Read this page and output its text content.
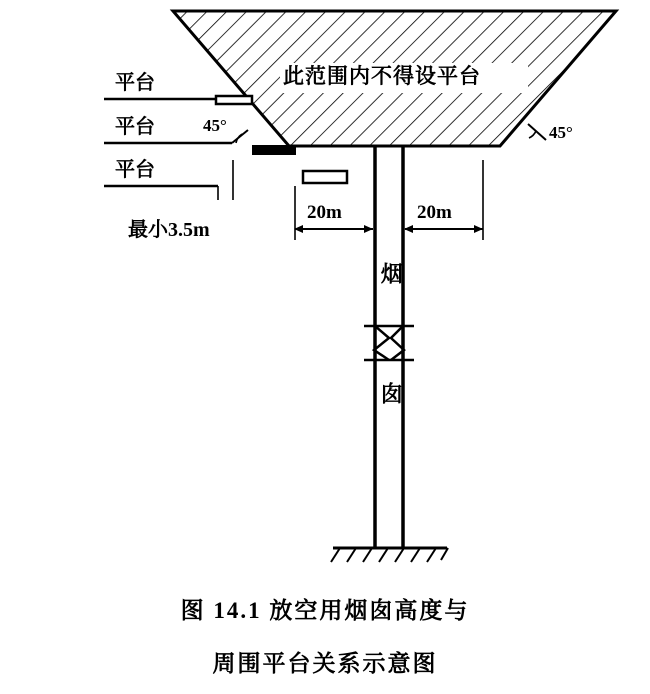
此范围内不得设平台
平台
平台
平台
45°	45°
最小3.5m
20m	20m
烟
囱
图 14.1 放空用烟囱高度与
周围平台关系示意图
